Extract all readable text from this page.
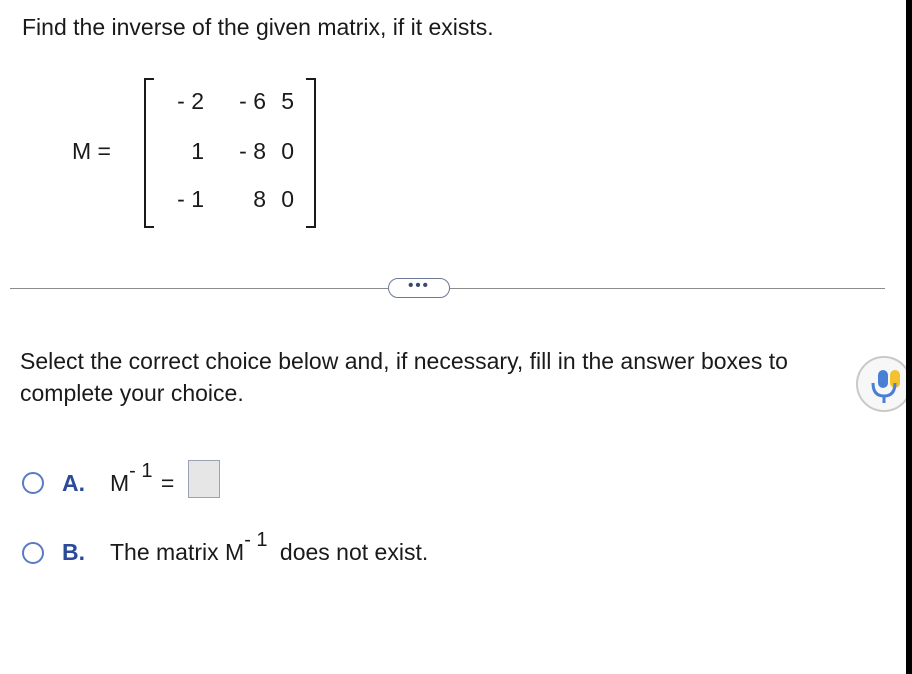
Find the inverse of the given matrix, if it exists.
M =
- 2	- 6 5
1	- 8 0
- 1	8 0
•••
Select the correct choice below and, if necessary, fill in the answer boxes to complete your choice.
A. M- 1 =
B. The matrix M- 1 does not exist.
